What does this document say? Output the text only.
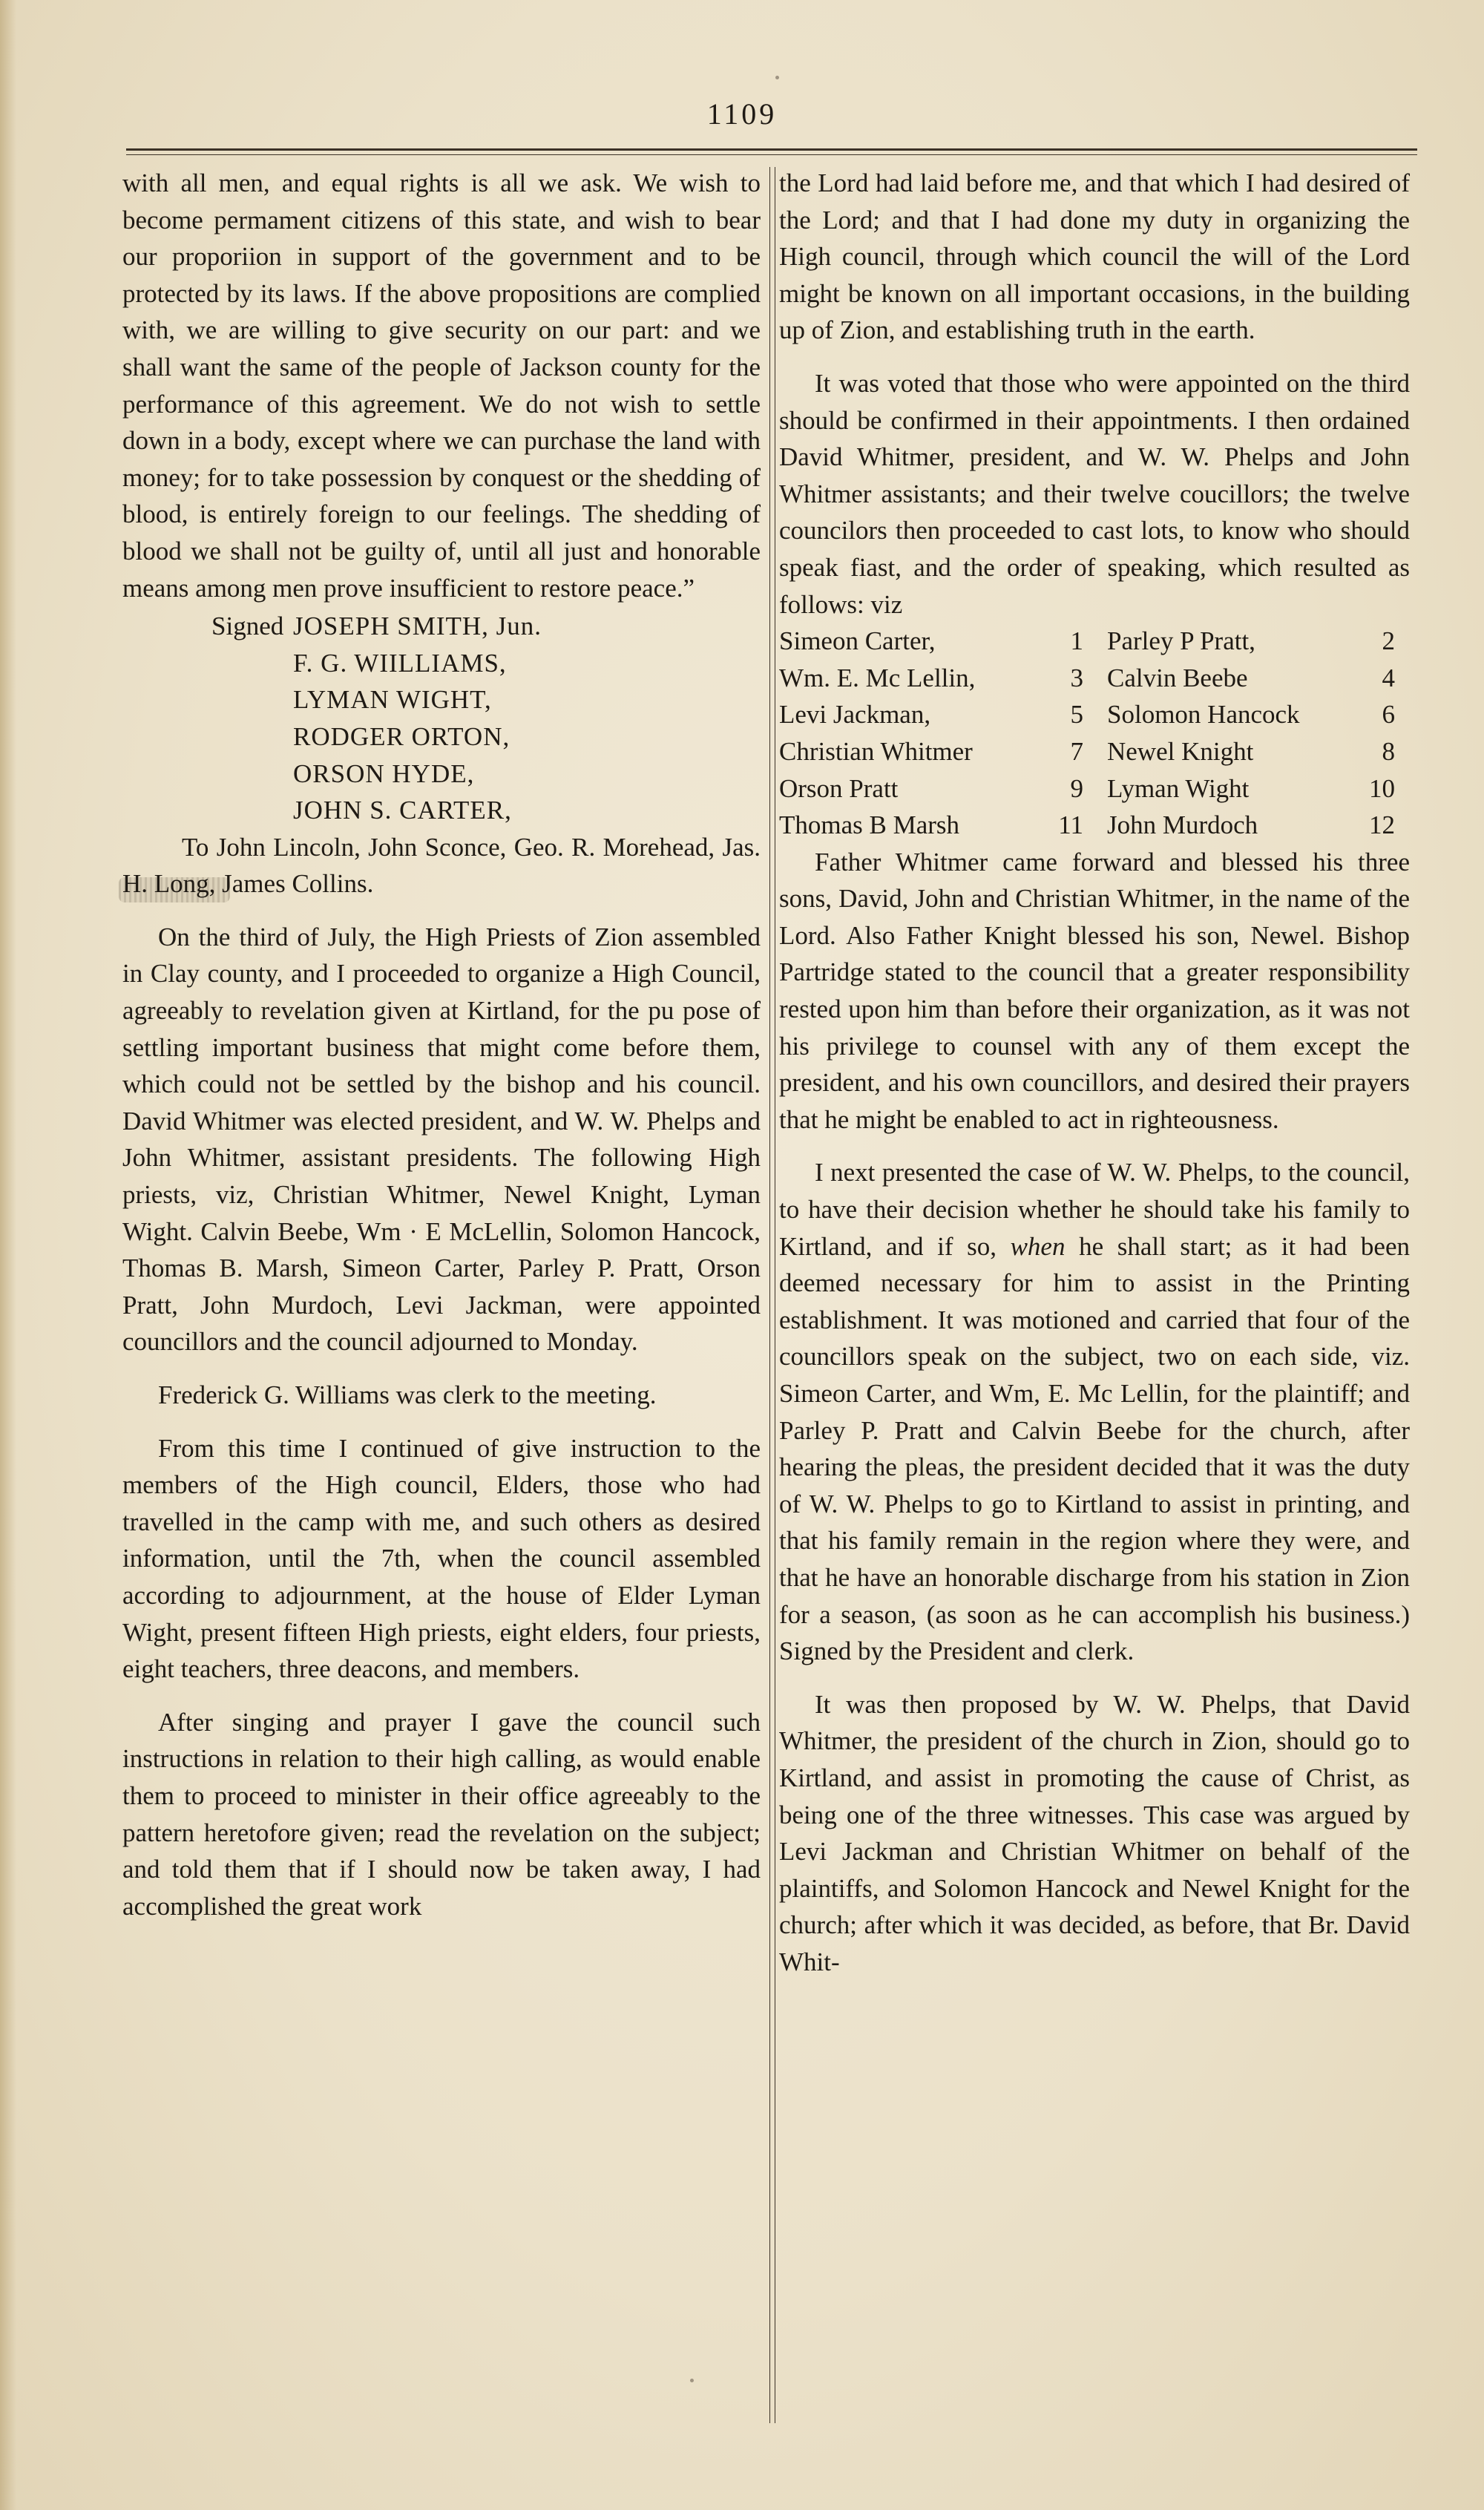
1109

with all men, and equal rights is all we ask. We wish to become permament citizens of this state, and wish to bear our proporiion in support of the government and to be protected by its laws. If the above propositions are complied with, we are willing to give security on our part: and we shall want the same of the people of Jackson county for the performance of this agreement. We do not wish to settle down in a body, except where we can purchase the land with money; for to take possession by conquest or the shedding of blood, is entirely foreign to our feelings. The shedding of blood we shall not be guilty of, until all just and honorable means among men prove insufficient to restore peace.”

Signed JOSEPH SMITH, Jun.
F. G. WIILLIAMS,
LYMAN WIGHT,
RODGER ORTON,
ORSON HYDE,
JOHN S. CARTER,

To John Lincoln, John Sconce, Geo. R. Morehead, Jas. H. Long, James Collins.

On the third of July, the High Priests of Zion assembled in Clay county, and I proceeded to organize a High Council, agreeably to revelation given at Kirtland, for the pu pose of settling important business that might come before them, which could not be settled by the bishop and his council. David Whitmer was elected president, and W. W. Phelps and John Whitmer, assistant presidents. The following High priests, viz, Christian Whitmer, Newel Knight, Lyman Wight. Calvin Beebe, Wm · E McLellin, Solomon Hancock, Thomas B. Marsh, Simeon Carter, Parley P. Pratt, Orson Pratt, John Murdoch, Levi Jackman, were appointed councillors and the council adjourned to Monday.

Frederick G. Williams was clerk to the meeting.

From this time I continued of give instruction to the members of the High council, Elders, those who had travelled in the camp with me, and such others as desired information, until the 7th, when the council assembled according to adjournment, at the house of Elder Lyman Wight, present fifteen High priests, eight elders, four priests, eight teachers, three deacons, and members.

After singing and prayer I gave the council such instructions in relation to their high calling, as would enable them to proceed to minister in their office agreeably to the pattern heretofore given; read the revelation on the subject; and told them that if I should now be taken away, I had accomplished the great work

the Lord had laid before me, and that which I had desired of the Lord; and that I had done my duty in organizing the High council, through which council the will of the Lord might be known on all important occasions, in the building up of Zion, and establishing truth in the earth.

It was voted that those who were appointed on the third should be confirmed in their appointments. I then ordained David Whitmer, president, and W. W. Phelps and John Whitmer assistants; and their twelve coucillors; the twelve councilors then proceeded to cast lots, to know who should speak fiast, and the order of speaking, which resulted as follows: viz

Simeon Carter,	1	Parley P Pratt,	2
Wm. E. Mc Lellin,	3	Calvin Beebe	4
Levi Jackman,	5	Solomon Hancock	6
Christian Whitmer	7	Newel Knight	8
Orson Pratt	9	Lyman Wight	10
Thomas B Marsh	11	John Murdoch	12

Father Whitmer came forward and blessed his three sons, David, John and Christian Whitmer, in the name of the Lord. Also Father Knight blessed his son, Newel. Bishop Partridge stated to the council that a greater responsibility rested upon him than before their organization, as it was not his privilege to counsel with any of them except the president, and his own councillors, and desired their prayers that he might be enabled to act in righteousness.

I next presented the case of W. W. Phelps, to the council, to have their decision whether he should take his family to Kirtland, and if so, when he shall start; as it had been deemed necessary for him to assist in the Printing establishment. It was motioned and carried that four of the councillors speak on the subject, two on each side, viz. Simeon Carter, and Wm, E. Mc Lellin, for the plaintiff; and Parley P. Pratt and Calvin Beebe for the church, after hearing the pleas, the president decided that it was the duty of W. W. Phelps to go to Kirtland to assist in printing, and that his family remain in the region where they were, and that he have an honorable discharge from his station in Zion for a season, (as soon as he can accomplish his business.) Signed by the President and clerk.

It was then proposed by W. W. Phelps, that David Whitmer, the president of the church in Zion, should go to Kirtland, and assist in promoting the cause of Christ, as being one of the three witnesses. This case was argued by Levi Jackman and Christian Whitmer on behalf of the plaintiffs, and Solomon Hancock and Newel Knight for the church; after which it was decided, as before, that Br. David Whit-
